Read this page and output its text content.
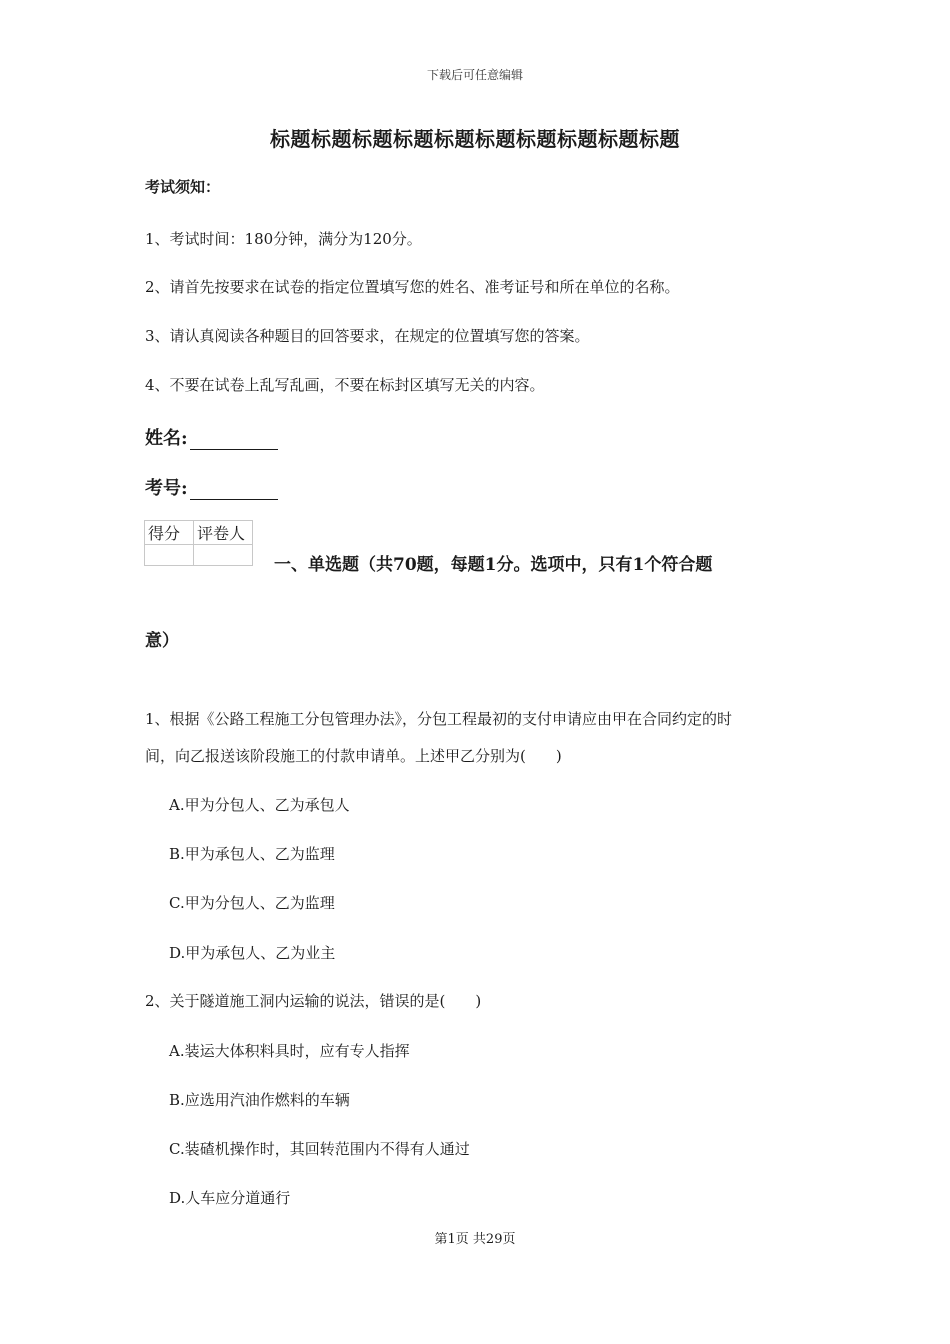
下载后可任意编辑
标题标题标题标题标题标题标题标题标题标题
考试须知：
1、考试时间：180分钟，满分为120分。
2、请首先按要求在试卷的指定位置填写您的姓名、准考证号和所在单位的名称。
3、请认真阅读各种题目的回答要求，在规定的位置填写您的答案。
4、不要在试卷上乱写乱画，不要在标封区填写无关的内容。
姓名:
考号:
得分	评卷人

一、单选题（共70题，每题1分。选项中，只有1个符合题
意）
1、根据《公路工程施工分包管理办法》，分包工程最初的支付申请应由甲在合同约定的时
间，向乙报送该阶段施工的付款申请单。上述甲乙分别为(　　)
A.甲为分包人、乙为承包人
B.甲为承包人、乙为监理
C.甲为分包人、乙为监理
D.甲为承包人、乙为业主
2、关于隧道施工洞内运输的说法，错误的是(　　)
A.装运大体积料具时，应有专人指挥
B.应选用汽油作燃料的车辆
C.装碴机操作时，其回转范围内不得有人通过
D.人车应分道通行
第1页 共29页
